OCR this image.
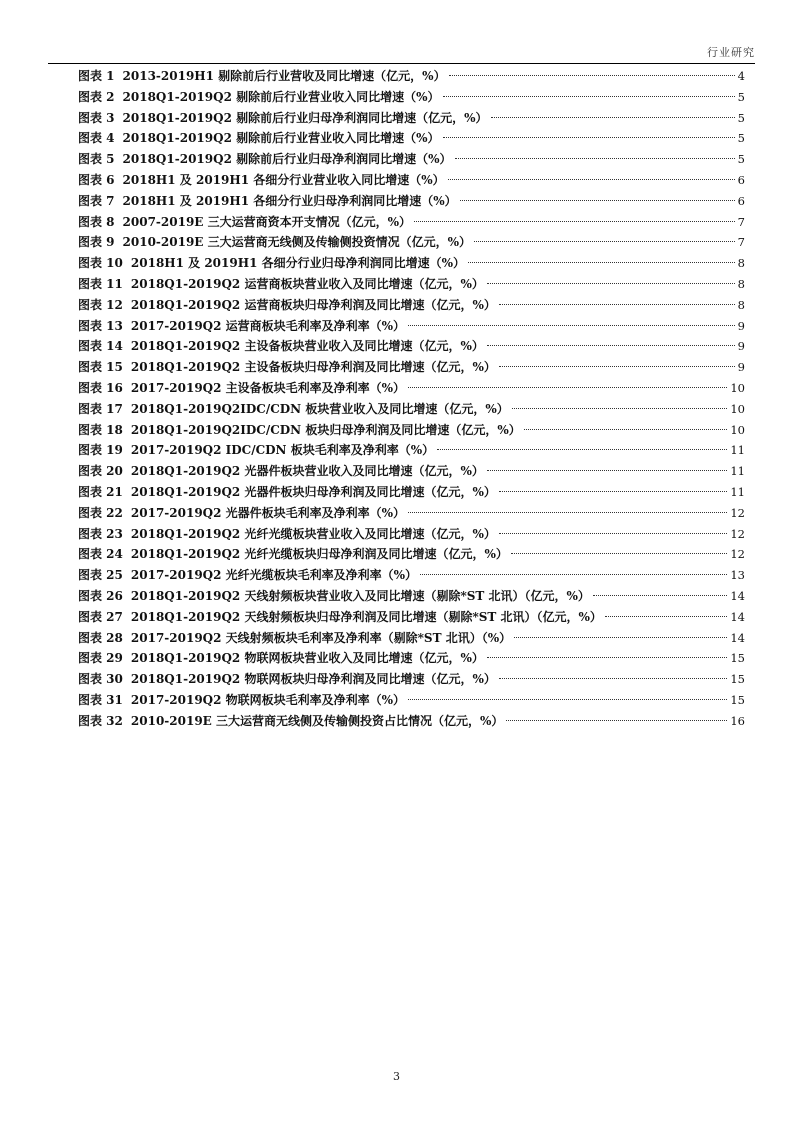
行业研究
图表 1 2013-2019H1 剔除前后行业营收及同比增速（亿元，%）	4
图表 2 2018Q1-2019Q2 剔除前后行业营业收入同比增速（%）	5
图表 3 2018Q1-2019Q2 剔除前后行业归母净利润同比增速（亿元，%）	5
图表 4 2018Q1-2019Q2 剔除前后行业营业收入同比增速（%）	5
图表 5 2018Q1-2019Q2 剔除前后行业归母净利润同比增速（%）	5
图表 6 2018H1 及 2019H1 各细分行业营业收入同比增速（%）	6
图表 7 2018H1 及 2019H1 各细分行业归母净利润同比增速（%）	6
图表 8 2007-2019E 三大运营商资本开支情况（亿元，%）	7
图表 9 2010-2019E 三大运营商无线侧及传输侧投资情况（亿元，%）	7
图表 10 2018H1 及 2019H1 各细分行业归母净利润同比增速（%）	8
图表 11 2018Q1-2019Q2 运营商板块营业收入及同比增速（亿元，%）	8
图表 12 2018Q1-2019Q2 运营商板块归母净利润及同比增速（亿元，%）	8
图表 13 2017-2019Q2 运营商板块毛利率及净利率（%）	9
图表 14 2018Q1-2019Q2 主设备板块营业收入及同比增速（亿元，%）	9
图表 15 2018Q1-2019Q2 主设备板块归母净利润及同比增速（亿元，%）	9
图表 16 2017-2019Q2 主设备板块毛利率及净利率（%）	10
图表 17 2018Q1-2019Q2IDC/CDN 板块营业收入及同比增速（亿元，%）	10
图表 18 2018Q1-2019Q2IDC/CDN 板块归母净利润及同比增速（亿元，%）	10
图表 19 2017-2019Q2 IDC/CDN 板块毛利率及净利率（%）	11
图表 20 2018Q1-2019Q2 光器件板块营业收入及同比增速（亿元，%）	11
图表 21 2018Q1-2019Q2 光器件板块归母净利润及同比增速（亿元，%）	11
图表 22 2017-2019Q2 光器件板块毛利率及净利率（%）	12
图表 23 2018Q1-2019Q2 光纤光缆板块营业收入及同比增速（亿元，%）	12
图表 24 2018Q1-2019Q2 光纤光缆板块归母净利润及同比增速（亿元，%）	12
图表 25 2017-2019Q2 光纤光缆板块毛利率及净利率（%）	13
图表 26 2018Q1-2019Q2 天线射频板块营业收入及同比增速（剔除*ST 北讯）（亿元，%）	14
图表 27 2018Q1-2019Q2 天线射频板块归母净利润及同比增速（剔除*ST 北讯）（亿元，%）	14
图表 28 2017-2019Q2 天线射频板块毛利率及净利率（剔除*ST 北讯）（%）	14
图表 29 2018Q1-2019Q2 物联网板块营业收入及同比增速（亿元，%）	15
图表 30 2018Q1-2019Q2 物联网板块归母净利润及同比增速（亿元，%）	15
图表 31 2017-2019Q2 物联网板块毛利率及净利率（%）	15
图表 32 2010-2019E 三大运营商无线侧及传输侧投资占比情况（亿元，%）	16
3
